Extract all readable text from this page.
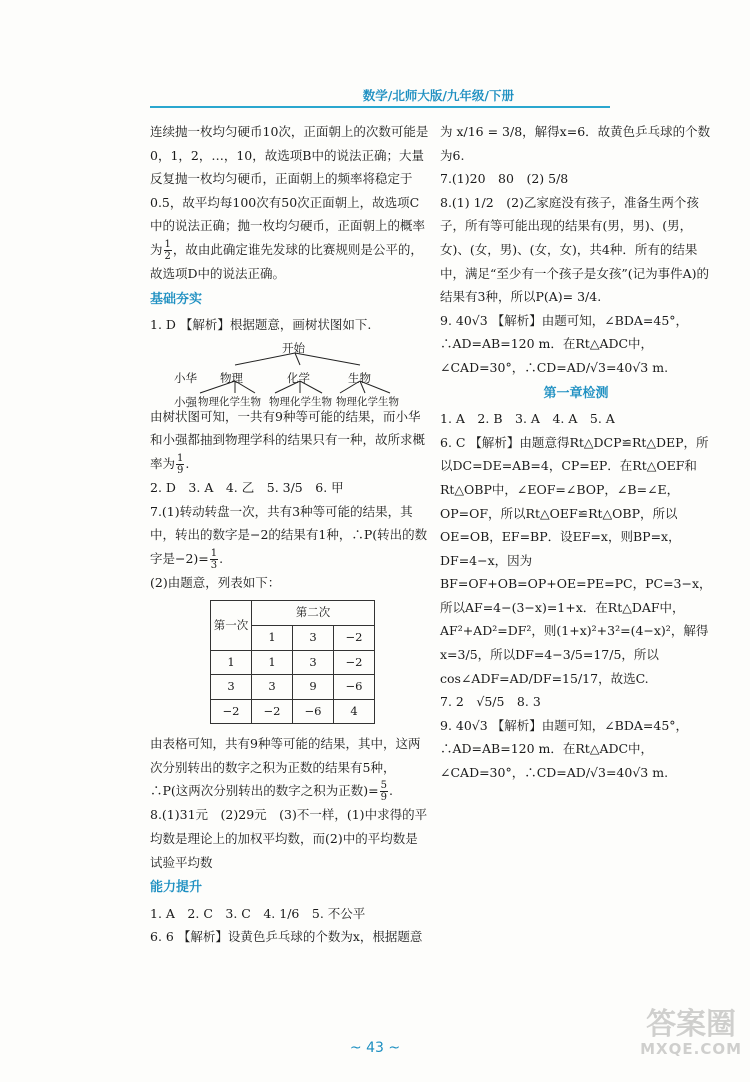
数学/北师大版/九年级/下册

连续抛一枚均匀硬币10次，正面朝上的次数可能是0，1，2，…，10，故选项B中的说法正确；大量反复抛一枚均匀硬币，正面朝上的频率将稳定于0.5，故平均每100次有50次正面朝上，故选项C中的说法正确；抛一枚均匀硬币，正面朝上的概率为 $\frac{1}{2}$ ，故由此确定谁先发球的比赛规则是公平的，故选项D中的说法正确。

基础夯实

1. D 【解析】根据题意，画树状图如下.

开始
小华 物理	化学	生物
小强 物理化学生物 物理化学生物 物理化学生物

由树状图可知，一共有9种等可能的结果，而小华和小强都抽到物理学科的结果只有一种，故所求概率为 $\frac{1}{9}$ .

2. D　3. A　4. 乙　5. 3/5　6. 甲

7.(1)转动转盘一次，共有3种等可能的结果，其中，转出的数字是−2的结果有1种，∴P(转出的数字是$-2)= \frac{1}{3}$ .

(2)由题意，列表如下：

第一次	第二次		
	1	3	−2
1	1	3	−2
3	3	9	−6
−2	−2	−6	4

由表格可知，共有9种等可能的结果，其中，这两次分别转出的数字之积为正数的结果有5种，∴P(这两次分别转出的数字之积为正数)= $\frac{5}{9}$ .

8.(1)31元　(2)29元　(3)不一样，(1)中求得的平均数是理论上的加权平均数，而(2)中的平均数是试验平均数

能力提升

1. A　2. C　3. C　4. 1/6　5. 不公平

6. 6 【解析】设黄色乒乓球的个数为x，根据题意

为 x/16 = 3/8，解得x=6．故黄色乒乓球的个数为6.

7.(1)20　80　(2) 5/8

8.(1) 1/2　(2)乙家庭没有孩子，准备生两个孩子，所有等可能出现的结果有(男，男)、(男，女)、(女，男)、(女，女)，共4种．所有的结果中，满足“至少有一个孩子是女孩”(记为事件A)的结果有3种，所以P(A)= 3/4.

9. 40√3 【解析】由题可知，∠BDA=45°，∴AD=AB=120 m．在Rt△ADC中，∠CAD=30°，∴CD=AD/√3=40√3 m.

第一章检测

1. A　2. B　3. A　4. A　5. A

6. C 【解析】由题意得Rt△DCP≌Rt△DEP，所以DC=DE=AB=4，CP=EP．在Rt△OEF和Rt△OBP中，∠EOF=∠BOP，∠B=∠E，OP=OF，所以Rt△OEF≌Rt△OBP，所以OE=OB，EF=BP．设EF=x，则BP=x，DF=4−x，因为BF=OF+OB=OP+OE=PE=PC，PC=3−x，所以AF=4−(3−x)=1+x．在Rt△DAF中，AF²+AD²=DF²，则(1+x)²+3²=(4−x)²，解得x=3/5，所以DF=4−3/5=17/5，所以cos∠ADF=AD/DF=15/17，故选C.

7. 2　√5/5　8. 3

9. 40√3 【解析】由题可知，∠BDA=45°，∴AD=AB=120 m．在Rt△ADC中，∠CAD=30°，∴CD=AD/√3=40√3 m.

~ 43 ~
答案圈
MXQE.COM
